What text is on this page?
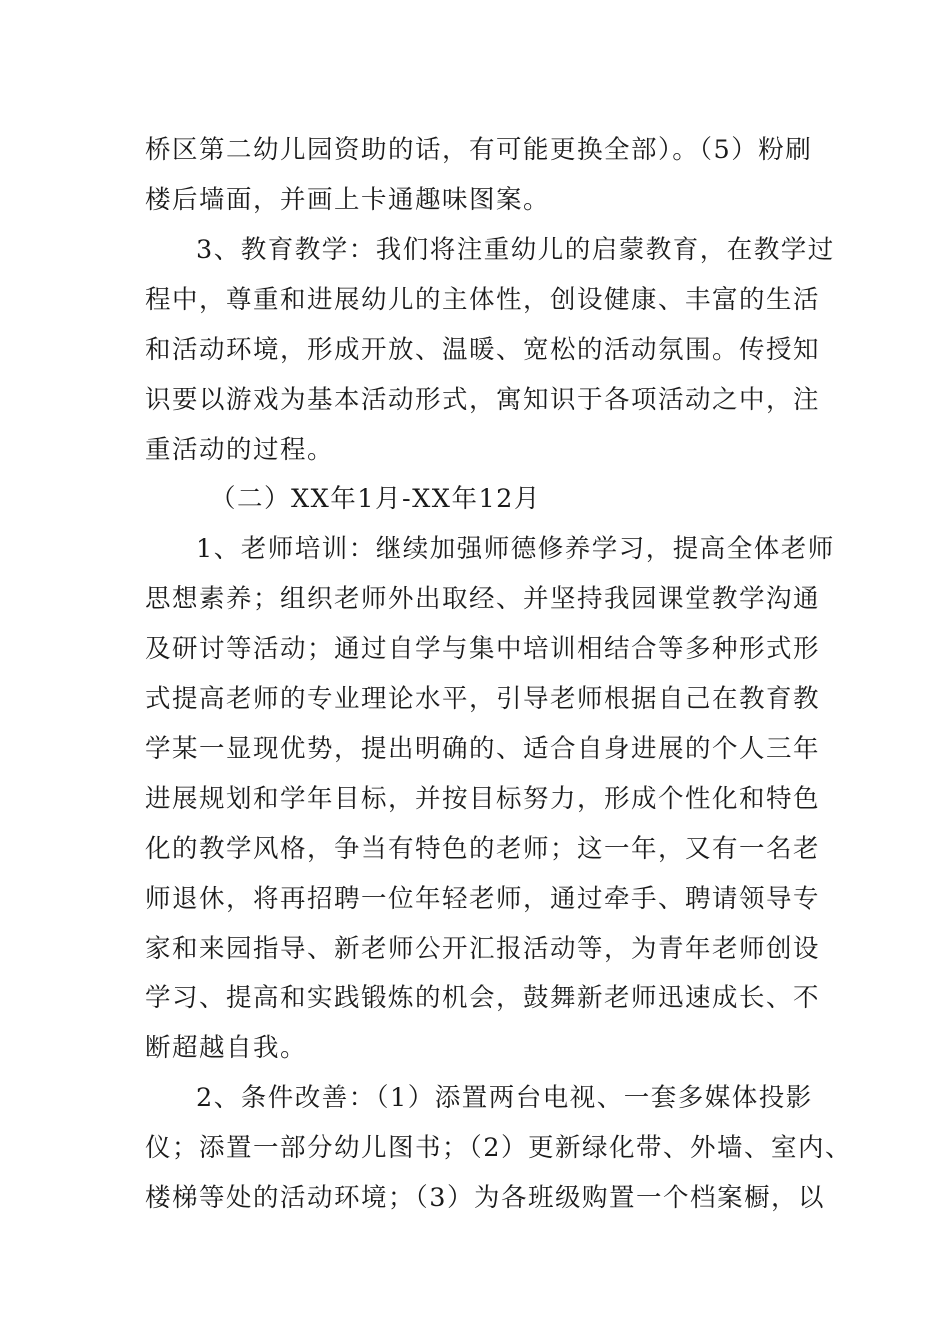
桥区第二幼儿园资助的话，有可能更换全部）。（5）粉刷
楼后墙面，并画上卡通趣味图案。
3、教育教学：我们将注重幼儿的启蒙教育，在教学过
程中，尊重和进展幼儿的主体性，创设健康、丰富的生活
和活动环境，形成开放、温暖、宽松的活动氛围。传授知
识要以游戏为基本活动形式，寓知识于各项活动之中，注
重活动的过程。
（二）XX年1月-XX年12月
1、老师培训：继续加强师德修养学习，提高全体老师
思想素养；组织老师外出取经、并坚持我园课堂教学沟通
及研讨等活动；通过自学与集中培训相结合等多种形式形
式提高老师的专业理论水平，引导老师根据自己在教育教
学某一显现优势，提出明确的、适合自身进展的个人三年
进展规划和学年目标，并按目标努力，形成个性化和特色
化的教学风格，争当有特色的老师；这一年，又有一名老
师退休，将再招聘一位年轻老师，通过牵手、聘请领导专
家和来园指导、新老师公开汇报活动等，为青年老师创设
学习、提高和实践锻炼的机会，鼓舞新老师迅速成长、不
断超越自我。
2、条件改善：（1）添置两台电视、一套多媒体投影
仪；添置一部分幼儿图书；（2）更新绿化带、外墙、室内、
楼梯等处的活动环境；（3）为各班级购置一个档案橱，以
